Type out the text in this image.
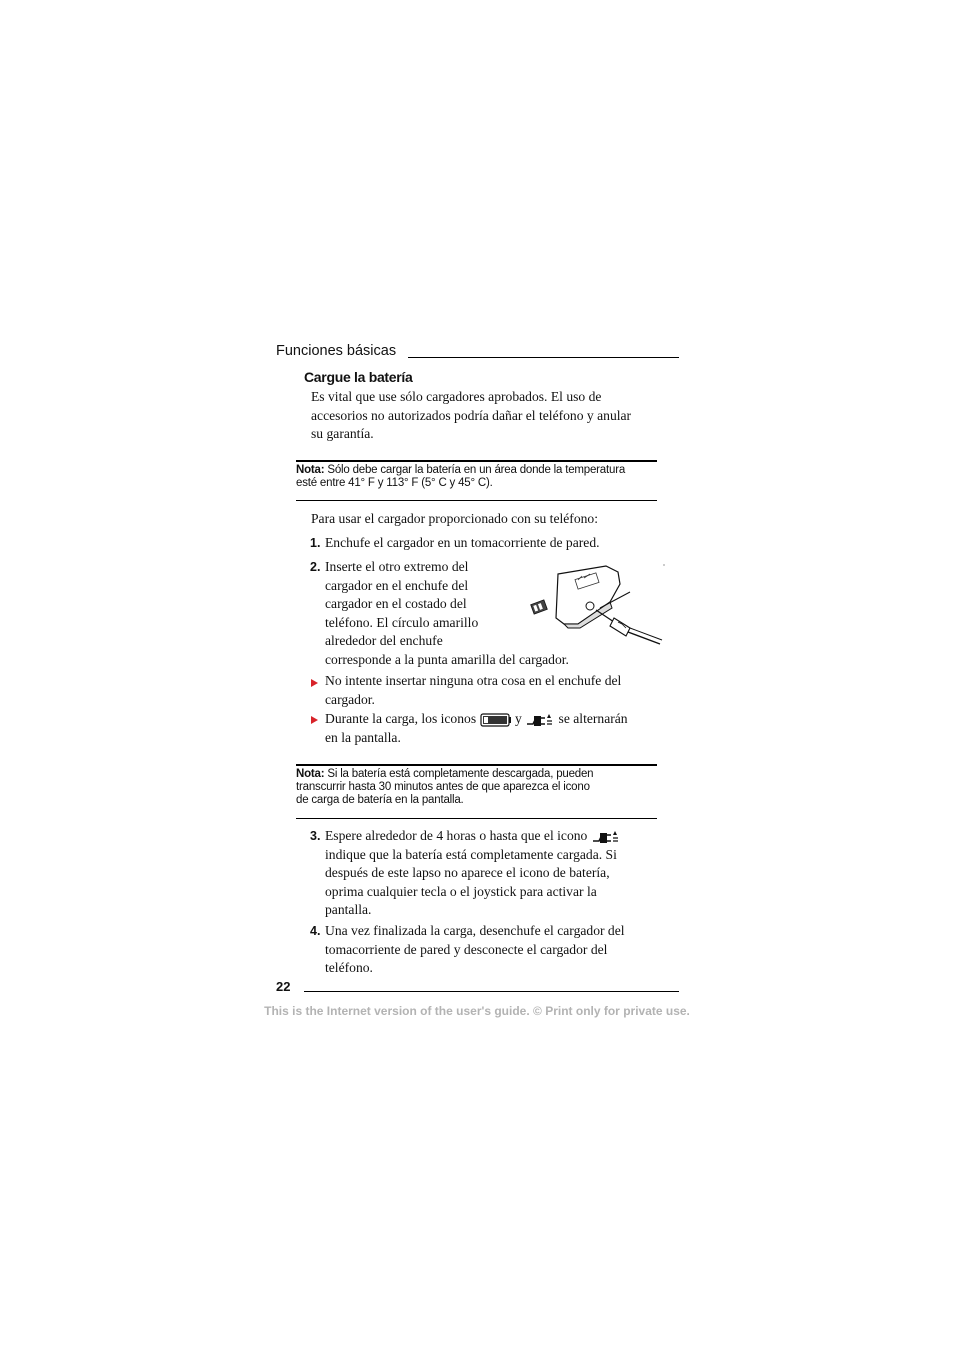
Funciones básicas
Cargue la batería
Es vital que use sólo cargadores aprobados. El uso de accesorios no autorizados podría dañar el teléfono y anular su garantía.
Nota: Sólo debe cargar la batería en un área donde la temperatura
esté entre 41° F y 113° F (5° C y 45° C).
Para usar el cargador proporcionado con su teléfono:
1. Enchufe el cargador en un tomacorriente de pared.
2. Inserte el otro extremo del
cargador en el enchufe del
cargador en el costado del
teléfono. El círculo amarillo
alrededor del enchufe
corresponde a la punta amarilla del cargador.
No intente insertar ninguna otra cosa en el enchufe del cargador.
Durante la carga, los iconos	y	se alternarán
en la pantalla.
Nota: Si la batería está completamente descargada, pueden
transcurrir hasta 30 minutos antes de que aparezca el icono
de carga de batería en la pantalla.
3. Espere alrededor de 4 horas o hasta que el icono
indique que la batería está completamente cargada. Si
después de este lapso no aparece el icono de batería,
oprima cualquier tecla o el joystick para activar la
pantalla.
4. Una vez finalizada la carga, desenchufe el cargador del
tomacorriente de pared y desconecte el cargador del
teléfono.
22
This is the Internet version of the user's guide. © Print only for private use.
